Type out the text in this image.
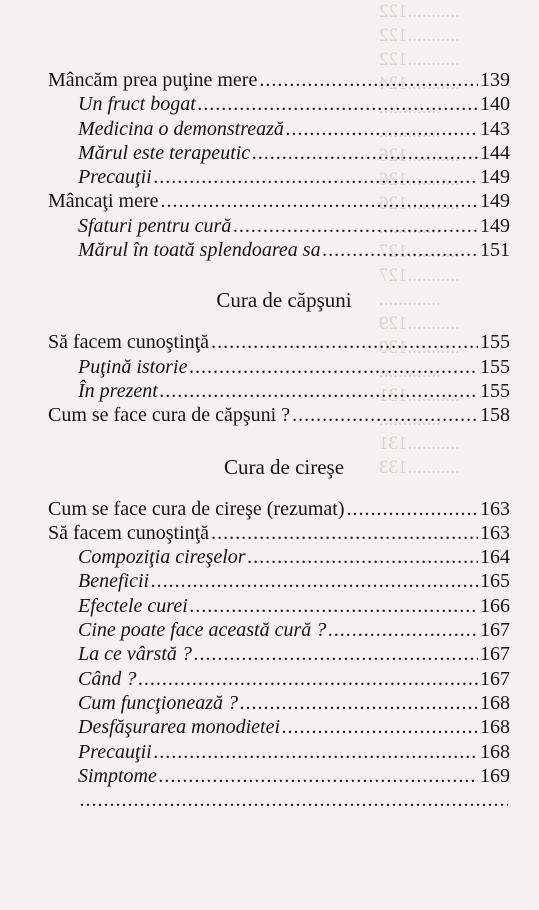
...........122
...........122
...........122
...........124
.............
.............
...........126
...........126
...........126
.............
...........127
...........127
.............
...........129
...........130
.............
...........131
.............
...........131
...........133
Mâncăm prea puţine mere .....	139
Un fruct bogat .....	140
Medicina o demonstrează .....	143
Mărul este terapeutic .....	144
Precauţii .....	149
Mâncaţi mere .....	149
Sfaturi pentru cură .....	149
Mărul în toată splendoarea sa .....	151
Cura de căpşuni
Să facem cunoştinţă .....	155
Puţină istorie .....	155
În prezent .....	155
Cum se face cura de căpşuni ? .....	158
Cura de cireşe
Cum se face cura de cireşe (rezumat) .....	163
Să facem cunoştinţă .....	163
Compoziţia cireşelor .....	164
Beneficii .....	165
Efectele curei .....	166
Cine poate face această cură ? .....	167
La ce vârstă ? .....	167
Când ? .....	167
Cum funcţionează ? .....	168
Desfăşurarea monodietei .....	168
Precauţii .....	168
Simptome .....	169
.....
